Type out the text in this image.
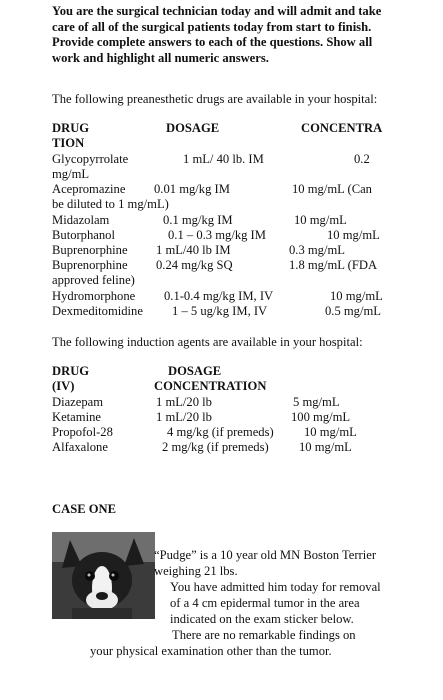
You are the surgical technician today and will admit and take care of all of the surgical patients today from start to finish.

Provide complete answers to each of the questions. Show all work and highlight all numeric answers.

The following preanesthetic drugs are available in your hospital:
DRUG	DOSAGE	CONCENTRA
TION
Glycopyrrolate	1 mL/ 40 lb. IM	0.2
mg/mL
Acepromazine 0.01 mg/kg IM	10 mg/mL (Can
be diluted to 1 mg/mL)
Midazolam	0.1 mg/kg IM	10 mg/mL
Butorphanol	0.1 – 0.3 mg/kg IM	10 mg/mL
Buprenorphine 1 mL/40 lb IM	0.3 mg/mL
Buprenorphine 0.24 mg/kg SQ	1.8 mg/mL (FDA
approved feline)
Hydromorphone 0.1-0.4 mg/kg IM, IV	10 mg/mL
Dexmeditomidine 1 – 5 ug/kg IM, IV	0.5 mg/mL
The following induction agents are available in your hospital:
DRUG	DOSAGE
(IV)	CONCENTRATION
Diazepam	1 mL/20 lb	5 mg/mL
Ketamine	1 mL/20 lb	100 mg/mL
Propofol-28	4 mg/kg (if premeds) 10 mg/mL
Alfaxalone	2 mg/kg (if premeds) 10 mg/mL
CASE ONE
“Pudge” is a 10 year old MN Boston Terrier
weighing 21 lbs.
You have admitted him today for removal
of a 4 cm epidermal tumor in the area
indicated on the exam sticker below.
There are no remarkable findings on
your physical examination other than the tumor.
